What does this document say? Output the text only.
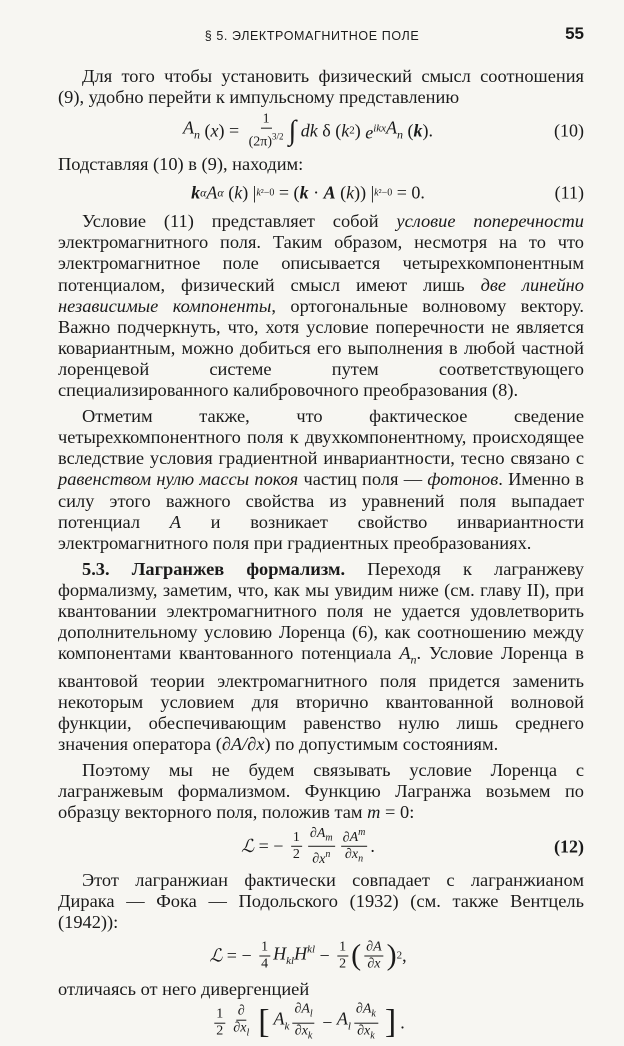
§ 5. ЭЛЕКТРОМАГНИТНОЕ ПОЛЕ	55

Для того чтобы установить физический смысл соотношения (9), удобно перейти к импульсному представлению

$A_n$ ( x ) = $\frac{1}{(2\pi)^{3/2}}$ ∫ dk δ ( k 2 ) $e^{ikx}$ $A_n$ ( k ).	(10)

Подставляя (10) в (9), находим:

k α A α ( k ) | k²−0 = ( k · A ( k )) | k²−0 = 0.	(11)

Условие (11) представляет собой условие поперечности электромагнитного поля. Таким образом, несмотря на то что электромагнитное поле описывается четырехкомпонентным потенциалом, физический смысл имеют лишь две линейно независимые компоненты, ортогональные волновому вектору. Важно подчеркнуть, что, хотя условие поперечности не является ковариантным, можно добиться его выполнения в любой частной лоренцевой системе путем соответствующего специализированного калибровочного преобразования (8).

Отметим также, что фактическое сведение четырехкомпонентного поля к двухкомпонентному, происходящее вследствие условия градиентной инвариантности, тесно связано с равенством нулю массы покоя частиц поля — фотонов. Именно в силу этого важного свойства из уравнений поля выпадает потенциал A и возникает свойство инвариантности электромагнитного поля при градиентных преобразованиях.

5.3. Лагранжев формализм. Переходя к лагранжеву формализму, заметим, что, как мы увидим ниже (см. главу II), при квантовании электромагнитного поля не удается удовлетворить дополнительному условию Лоренца (6), как соотношению между компонентами квантованного потенциала $A_n$. Условие Лоренца в квантовой теории электромагнитного поля придется заменить некоторым условием для вторично квантованной волновой функции, обеспечивающим равенство нулю лишь среднего значения оператора (∂A/∂x) по допустимым состояниям.

Поэтому мы не будем связывать условие Лоренца с лагранжевым формализмом. Функцию Лагранжа возьмем по образцу векторного поля, положив там m = 0:

ℒ = − $\frac{1}{2} \frac{\partial A_m}{\partial x^n} \frac{\partial A^m}{\partial x_n}$ .	(12)

Этот лагранжиан фактически совпадает с лагранжианом Дирака — Фока — Подольского (1932) (см. также Вентцель (1942)):

ℒ = − $\frac{1}{4} H_{kl}H^{kl} - \frac{1}{2}$ ( $\frac{\partial A}{\partial x}$ ) 2 ,

отличаясь от него дивергенцией

$\frac{1}{2} \frac{\partial}{\partial x_l}$ [ $A_k \frac{\partial A_l}{\partial x_k} - A_l \frac{\partial A_k}{\partial x_k}$ ] .
